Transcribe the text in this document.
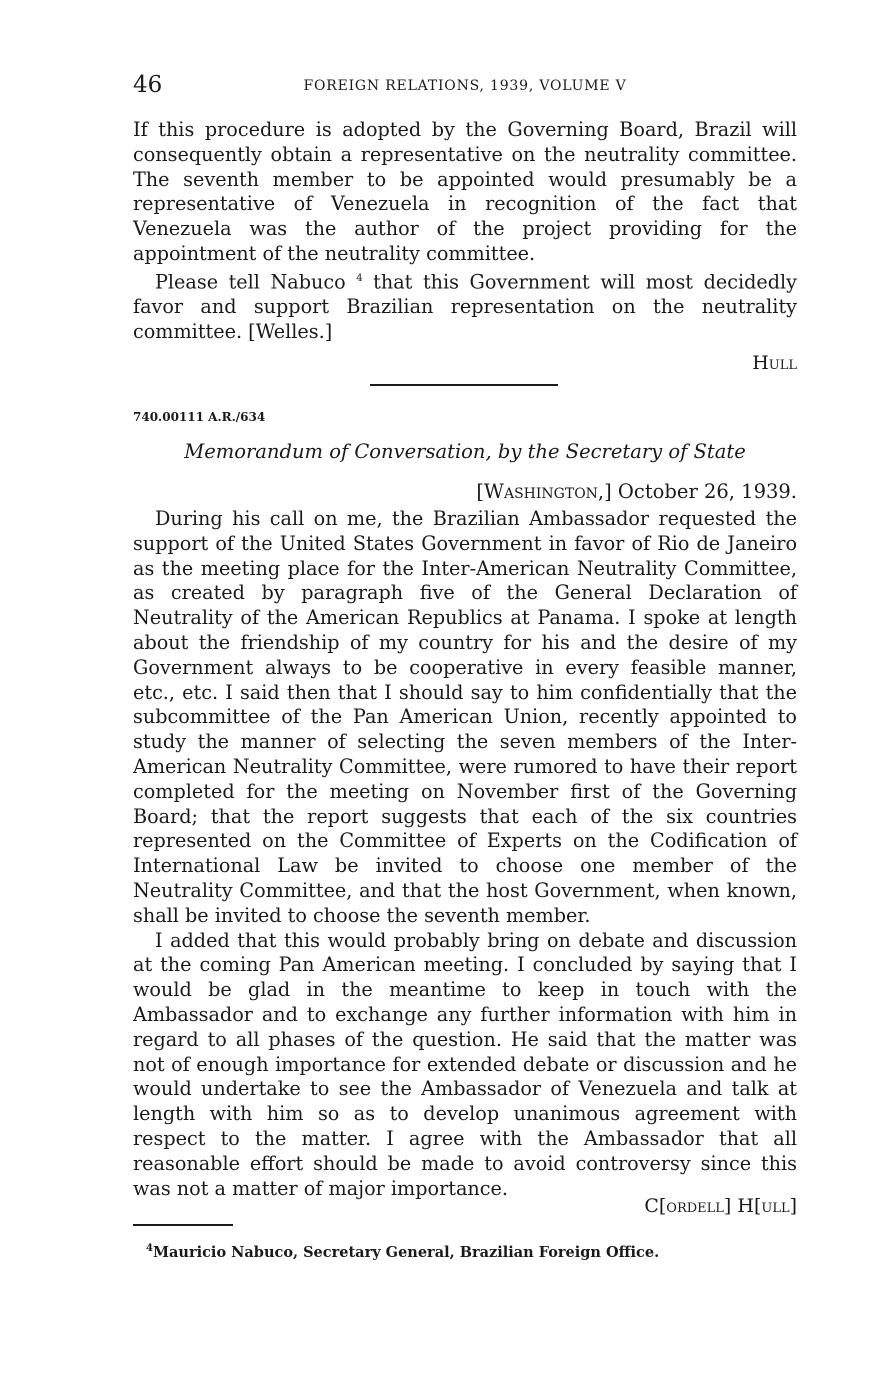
46	FOREIGN RELATIONS, 1939, VOLUME V

If this procedure is adopted by the Governing Board, Brazil will consequently obtain a representative on the neutrality committee. The seventh member to be appointed would presumably be a representative of Venezuela in recognition of the fact that Venezuela was the author of the project providing for the appointment of the neutrality committee.

Please tell Nabuco $^4$ that this Government will most decidedly favor and support Brazilian representation on the neutrality committee. [Welles.]

Hull
740.00111 A.R./634
Memorandum of Conversation, by the Secretary of State
[Washington,] October 26, 1939.

During his call on me, the Brazilian Ambassador requested the support of the United States Government in favor of Rio de Janeiro as the meeting place for the Inter-American Neutrality Committee, as created by paragraph five of the General Declaration of Neutrality of the American Republics at Panama. I spoke at length about the friendship of my country for his and the desire of my Government always to be cooperative in every feasible manner, etc., etc. I said then that I should say to him confidentially that the subcommittee of the Pan American Union, recently appointed to study the manner of selecting the seven members of the Inter-American Neutrality Committee, were rumored to have their report completed for the meeting on November first of the Governing Board; that the report suggests that each of the six countries represented on the Committee of Experts on the Codification of International Law be invited to choose one member of the Neutrality Committee, and that the host Government, when known, shall be invited to choose the seventh member.

I added that this would probably bring on debate and discussion at the coming Pan American meeting. I concluded by saying that I would be glad in the meantime to keep in touch with the Ambassador and to exchange any further information with him in regard to all phases of the question. He said that the matter was not of enough importance for extended debate or discussion and he would undertake to see the Ambassador of Venezuela and talk at length with him so as to develop unanimous agreement with respect to the matter. I agree with the Ambassador that all reasonable effort should be made to avoid controversy since this was not a matter of major importance.

C[ordell] H[ull]
$^4$Mauricio Nabuco, Secretary General, Brazilian Foreign Office.
